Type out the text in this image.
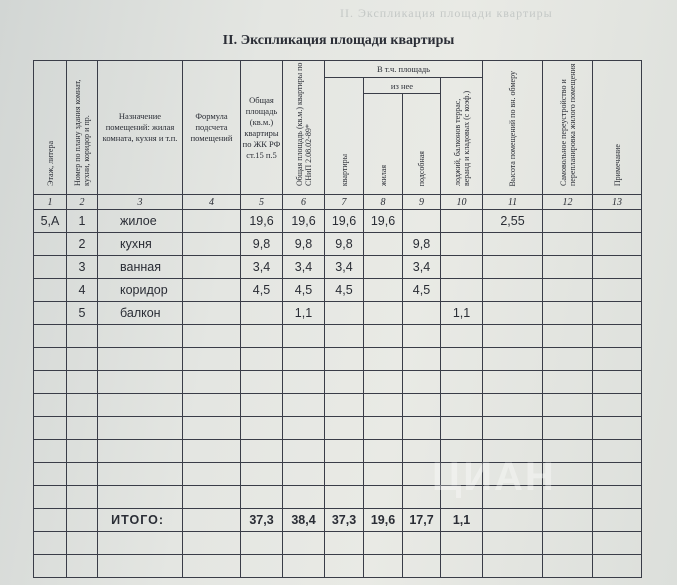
II. Экспликация площади квартиры
II. Экспликация площади квартиры
Этаж, литера	Номер по плану здания комнат, кухни, коридор и пр.	Назначение помещений: жилая комната, кухня и т.п.	Формула подсчета помещений	Общая площадь (кв.м.) квартиры по ЖК РФ ст.15 п.5	Общая площадь (кв.м.) квартиры по СНиП 2.08.02-89*	В т.ч. площадь				Высота помещений по вн. обмеру	Самовольное переустройство и перепланировка жилого помещения	Примечание
						квартиры	из нее		лоджий, балконов террас, веранд и кладовых (с коэф.)			
							жилая	подсобная				
1	2	3	4	5	6	7	8	9	10	11	12	13
5,А	1	жилое		19,6	19,6	19,6	19,6			2,55		
	2	кухня		9,8	9,8	9,8		9,8				
	3	ванная		3,4	3,4	3,4		3,4				
	4	коридор		4,5	4,5	4,5		4,5				
	5	балкон			1,1				1,1			

		ИТОГО:		37,3	38,4	37,3	19,6	17,7	1,1			

ЦИАН
